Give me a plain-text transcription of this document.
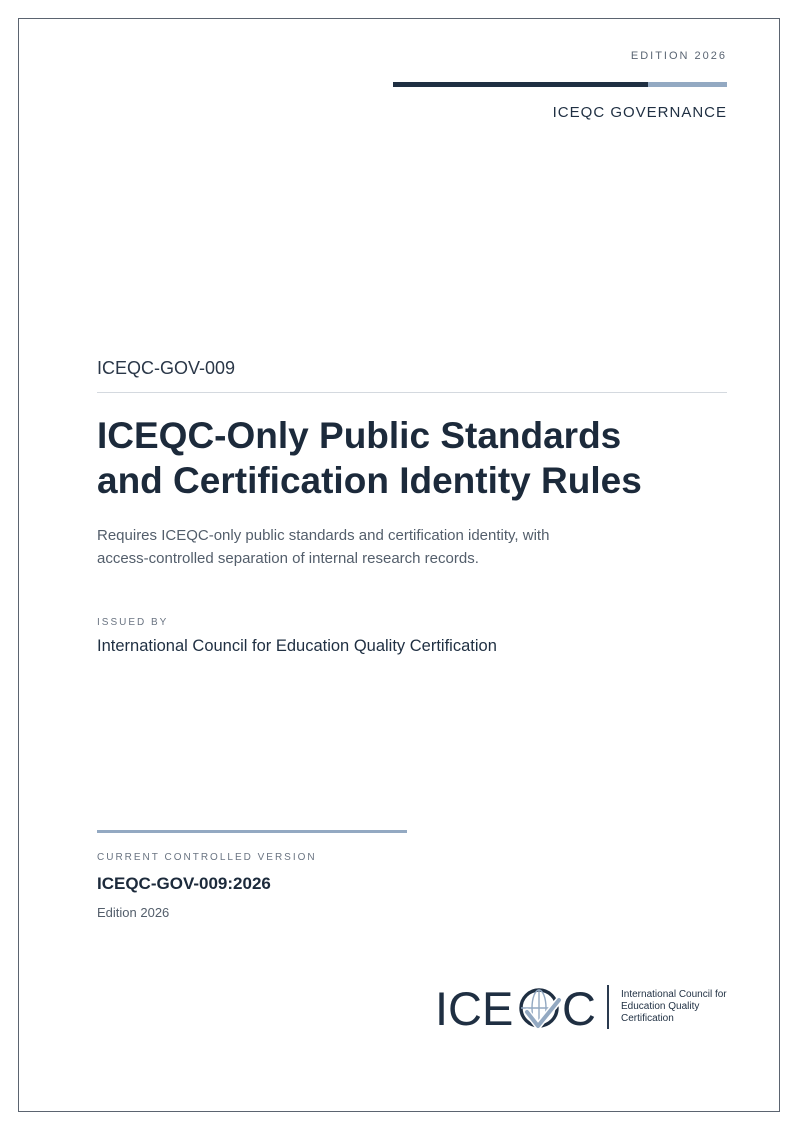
EDITION 2026
ICEQC GOVERNANCE
ICEQC-GOV-009
ICEQC-Only Public Standards
and Certification Identity Rules
Requires ICEQC-only public standards and certification identity, with
access-controlled separation of internal research records.
ISSUED BY
International Council for Education Quality Certification
CURRENT CONTROLLED VERSION
ICEQC-GOV-009:2026
Edition 2026
ICE C	International Council for
Education Quality
Certification
